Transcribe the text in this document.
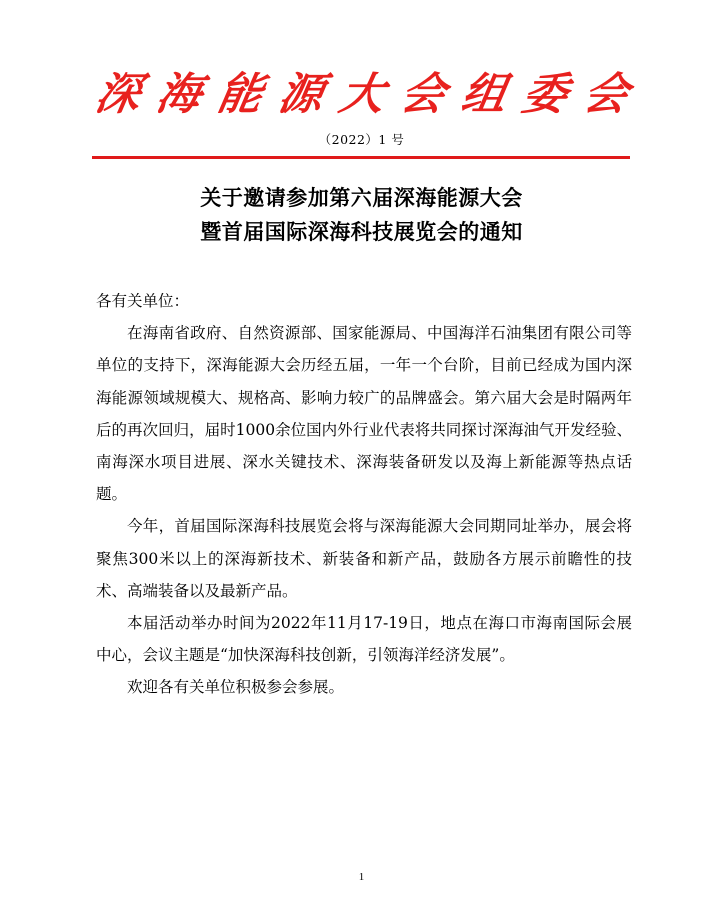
深 海 能 源 大 会 组 委 会
（2022）1 号
关于邀请参加第六届深海能源大会
暨首届国际深海科技展览会的通知

各有关单位：

在海南省政府、自然资源部、国家能源局、中国海洋石油集团有限公司等单位的支持下，深海能源大会历经五届，一年一个台阶，目前已经成为国内深海能源领域规模大、规格高、影响力较广的品牌盛会。第六届大会是时隔两年后的再次回归，届时1000余位国内外行业代表将共同探讨深海油气开发经验、南海深水项目进展、深水关键技术、深海装备研发以及海上新能源等热点话题。

今年，首届国际深海科技展览会将与深海能源大会同期同址举办，展会将聚焦300米以上的深海新技术、新装备和新产品，鼓励各方展示前瞻性的技术、高端装备以及最新产品。

本届活动举办时间为2022年11月17-19日，地点在海口市海南国际会展中心，会议主题是“加快深海科技创新，引领海洋经济发展”。

欢迎各有关单位积极参会参展。

1
